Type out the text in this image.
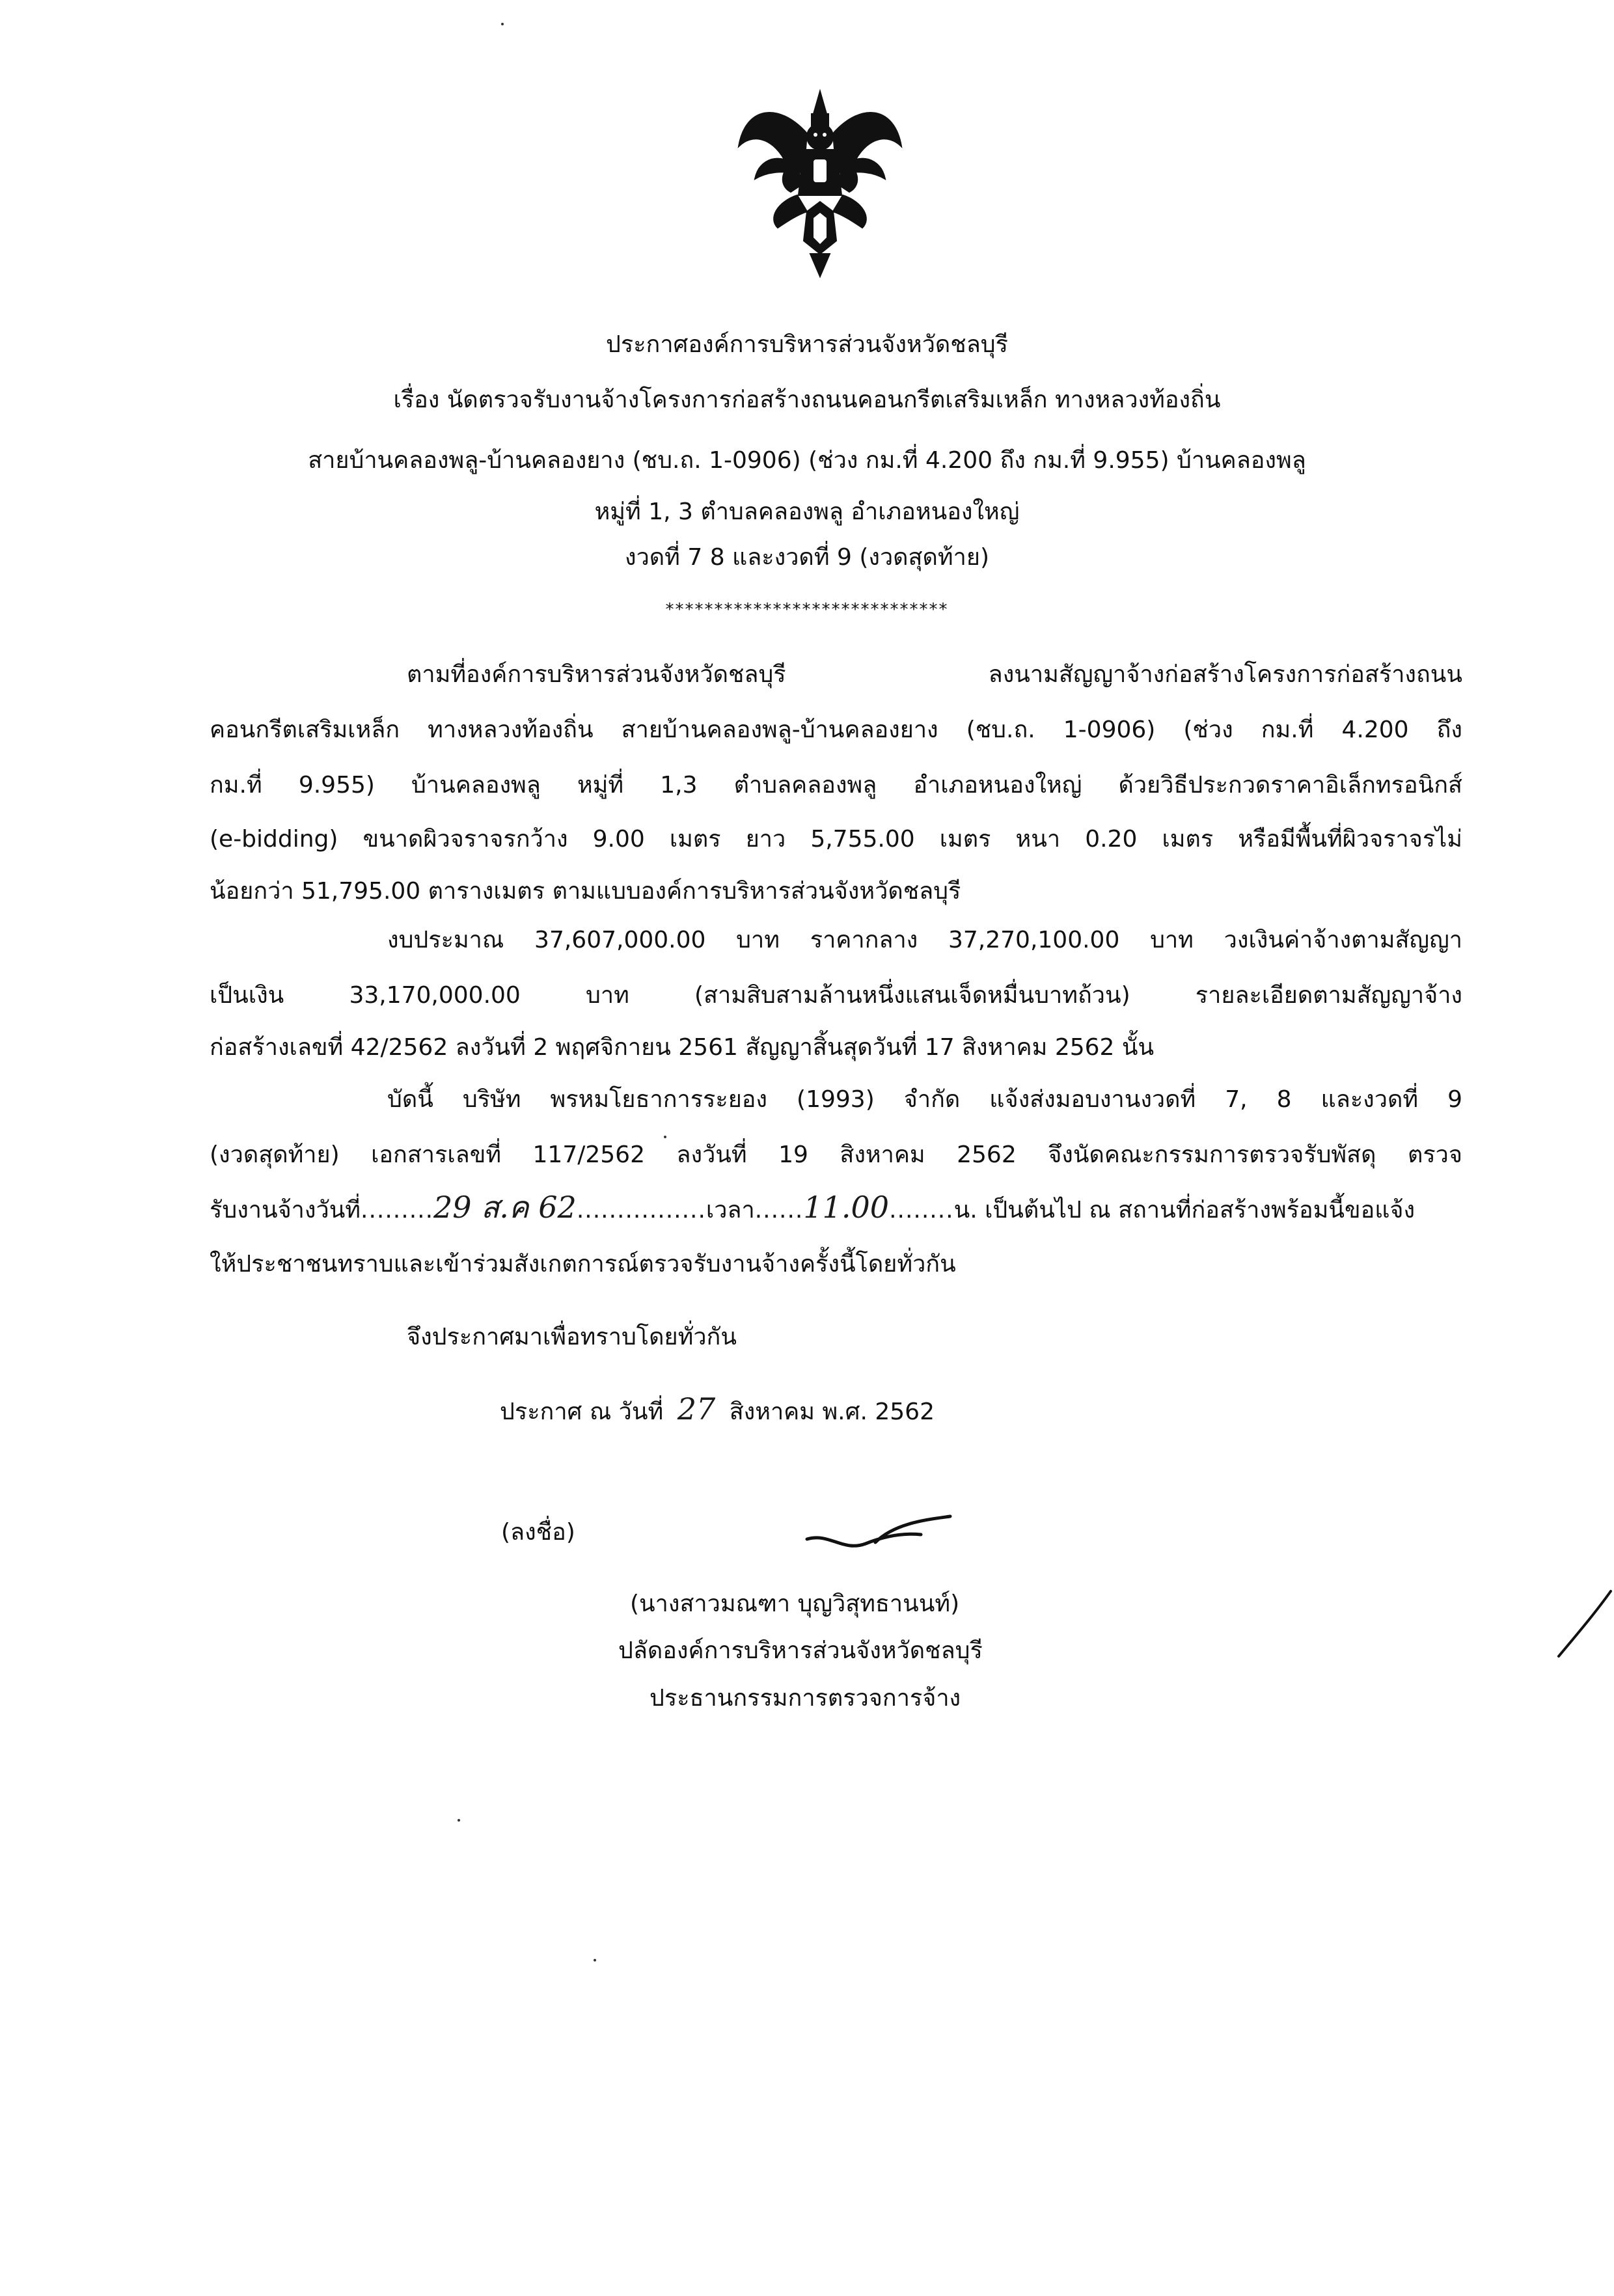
ประกาศองค์การบริหารส่วนจังหวัดชลบุรี
เรื่อง นัดตรวจรับงานจ้างโครงการก่อสร้างถนนคอนกรีตเสริมเหล็ก ทางหลวงท้องถิ่น
สายบ้านคลองพลู-บ้านคลองยาง (ชบ.ถ. 1-0906) (ช่วง กม.ที่ 4.200 ถึง กม.ที่ 9.955) บ้านคลองพลู
หมู่ที่ 1, 3 ตำบลคลองพลู อำเภอหนองใหญ่
งวดที่ 7 8 และงวดที่ 9 (งวดสุดท้าย)
*****************************
ตามที่องค์การบริหารส่วนจังหวัดชลบุรี ลงนามสัญญาจ้างก่อสร้างโครงการก่อสร้างถนน
คอนกรีตเสริมเหล็ก ทางหลวงท้องถิ่น สายบ้านคลองพลู-บ้านคลองยาง (ชบ.ถ. 1-0906) (ช่วง กม.ที่ 4.200 ถึง
กม.ที่ 9.955) บ้านคลองพลู หมู่ที่ 1,3 ตำบลคลองพลู อำเภอหนองใหญ่ ด้วยวิธีประกวดราคาอิเล็กทรอนิกส์
(e-bidding) ขนาดผิวจราจรกว้าง 9.00 เมตร ยาว 5,755.00 เมตร หนา 0.20 เมตร หรือมีพื้นที่ผิวจราจรไม่
น้อยกว่า 51,795.00 ตารางเมตร ตามแบบองค์การบริหารส่วนจังหวัดชลบุรี
งบประมาณ 37,607,000.00 บาท ราคากลาง 37,270,100.00 บาท วงเงินค่าจ้างตามสัญญา
เป็นเงิน 33,170,000.00 บาท (สามสิบสามล้านหนึ่งแสนเจ็ดหมื่นบาทถ้วน) รายละเอียดตามสัญญาจ้าง
ก่อสร้างเลขที่ 42/2562 ลงวันที่ 2 พฤศจิกายน 2561 สัญญาสิ้นสุดวันที่ 17 สิงหาคม 2562 นั้น
บัดนี้ บริษัท พรหมโยธาการระยอง (1993) จำกัด แจ้งส่งมอบงานงวดที่ 7, 8 และงวดที่ 9
(งวดสุดท้าย) เอกสารเลขที่ 117/2562 ลงวันที่ 19 สิงหาคม 2562 จึงนัดคณะกรรมการตรวจรับพัสดุ ตรวจ
รับงานจ้างวันที่.........29 ส.ค 62................เวลา......11.00........น. เป็นต้นไป ณ สถานที่ก่อสร้างพร้อมนี้ขอแจ้ง
ให้ประชาชนทราบและเข้าร่วมสังเกตการณ์ตรวจรับงานจ้างครั้งนี้โดยทั่วกัน
จึงประกาศมาเพื่อทราบโดยทั่วกัน
ประกาศ ณ วันที่ 27 สิงหาคม พ.ศ. 2562
(ลงชื่อ)
(นางสาวมณฑา บุญวิสุทธานนท์)
ปลัดองค์การบริหารส่วนจังหวัดชลบุรี
ประธานกรรมการตรวจการจ้าง
